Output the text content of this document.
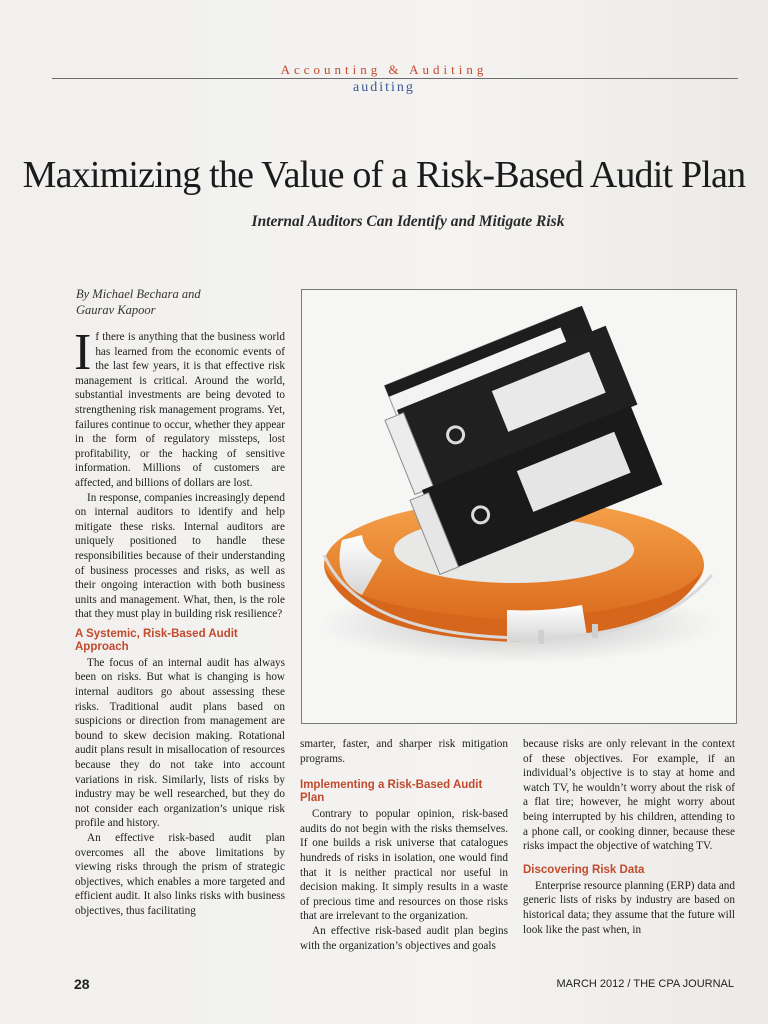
Accounting & Auditing
auditing
Maximizing the Value of a Risk-Based Audit Plan
Internal Auditors Can Identify and Mitigate Risk
By Michael Bechara and
Gaurav Kapoor

If there is anything that the business world has learned from the economic events of the last few years, it is that effective risk management is critical. Around the world, substantial investments are being devoted to strengthening risk management programs. Yet, failures continue to occur, whether they appear in the form of regulatory missteps, lost profitability, or the hacking of sensitive information. Millions of customers are affected, and billions of dollars are lost.

In response, companies increasingly depend on internal auditors to identify and help mitigate these risks. Internal auditors are uniquely positioned to handle these responsibilities because of their understanding of business processes and risks, as well as their ongoing interaction with both business units and management. What, then, is the role that they must play in building risk resilience?

A Systemic, Risk-Based Audit Approach

The focus of an internal audit has always been on risks. But what is changing is how internal auditors go about assessing these risks. Traditional audit plans based on suspicions or direction from management are bound to skew decision making. Rotational audit plans result in misallocation of resources because they do not take into account variations in risk. Similarly, lists of risks by industry may be well researched, but they do not consider each organization’s unique risk profile and history.

An effective risk-based audit plan overcomes all the above limitations by viewing risks through the prism of strategic objectives, which enables a more targeted and efficient audit. It also links risks with business objectives, thus facilitating

smarter, faster, and sharper risk mitigation programs.

Implementing a Risk-Based Audit Plan

Contrary to popular opinion, risk-based audits do not begin with the risks themselves. If one builds a risk universe that catalogues hundreds of risks in isolation, one would find that it is neither practical nor useful in decision making. It simply results in a waste of precious time and resources on those risks that are irrelevant to the organization.

An effective risk-based audit plan begins with the organization’s objectives and goals

because risks are only relevant in the context of these objectives. For example, if an individual’s objective is to stay at home and watch TV, he wouldn’t worry about the risk of a flat tire; however, he might worry about being interrupted by his children, attending to a phone call, or cooking dinner, because these risks impact the objective of watching TV.

Discovering Risk Data

Enterprise resource planning (ERP) data and generic lists of risks by industry are based on historical data; they assume that the future will look like the past when, in

28	MARCH 2012 / THE CPA JOURNAL
